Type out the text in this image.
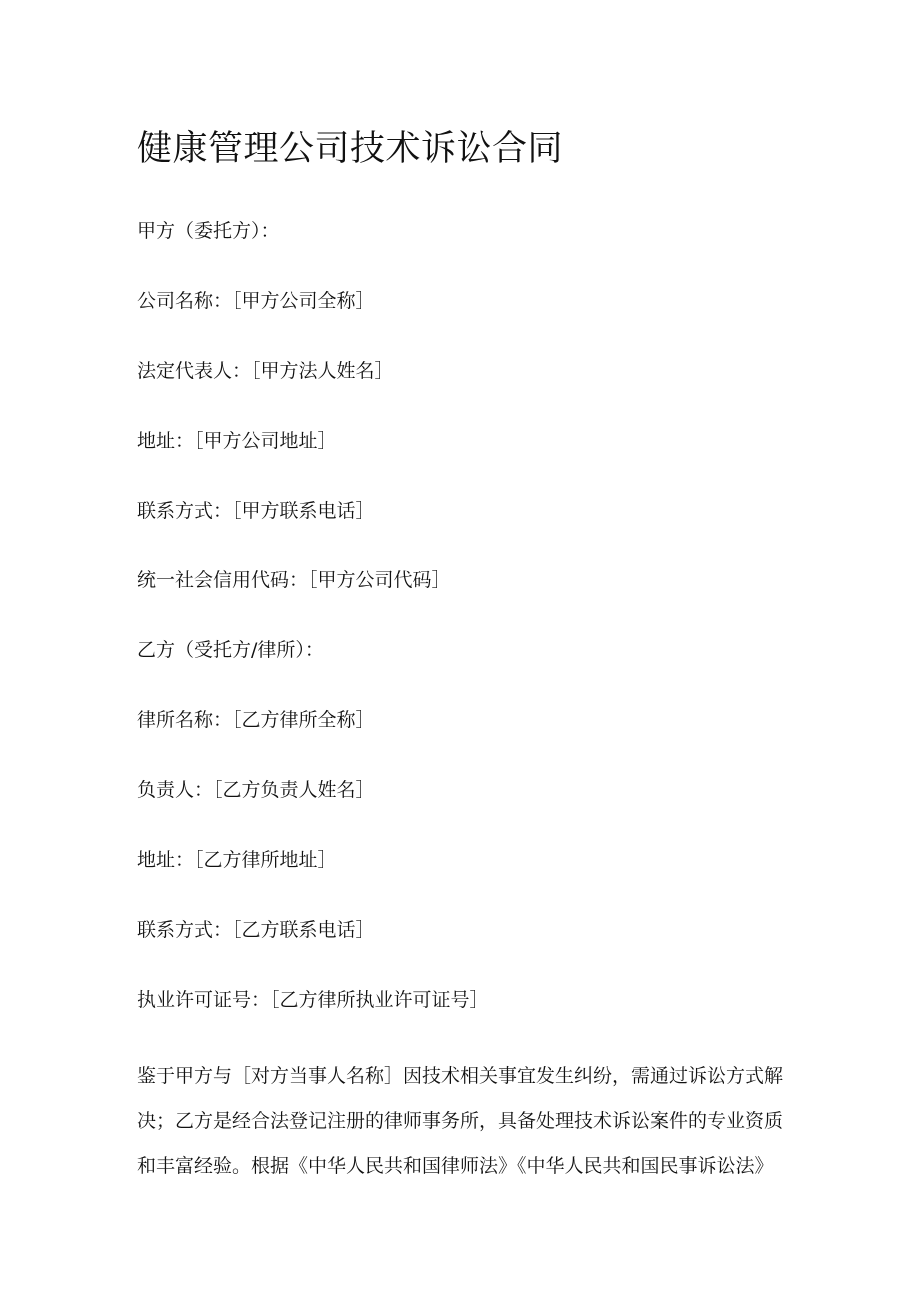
健康管理公司技术诉讼合同

甲方（委托方）：

公司名称：［甲方公司全称］

法定代表人：［甲方法人姓名］

地址：［甲方公司地址］

联系方式：［甲方联系电话］

统一社会信用代码：［甲方公司代码］

乙方（受托方/律所）：

律所名称：［乙方律所全称］

负责人：［乙方负责人姓名］

地址：［乙方律所地址］

联系方式：［乙方联系电话］

执业许可证号：［乙方律所执业许可证号］

鉴于甲方与［对方当事人名称］因技术相关事宜发生纠纷，需通过诉讼方式解
决；乙方是经合法登记注册的律师事务所，具备处理技术诉讼案件的专业资质
和丰富经验。根据《中华人民共和国律师法》《中华人民共和国民事诉讼法》
